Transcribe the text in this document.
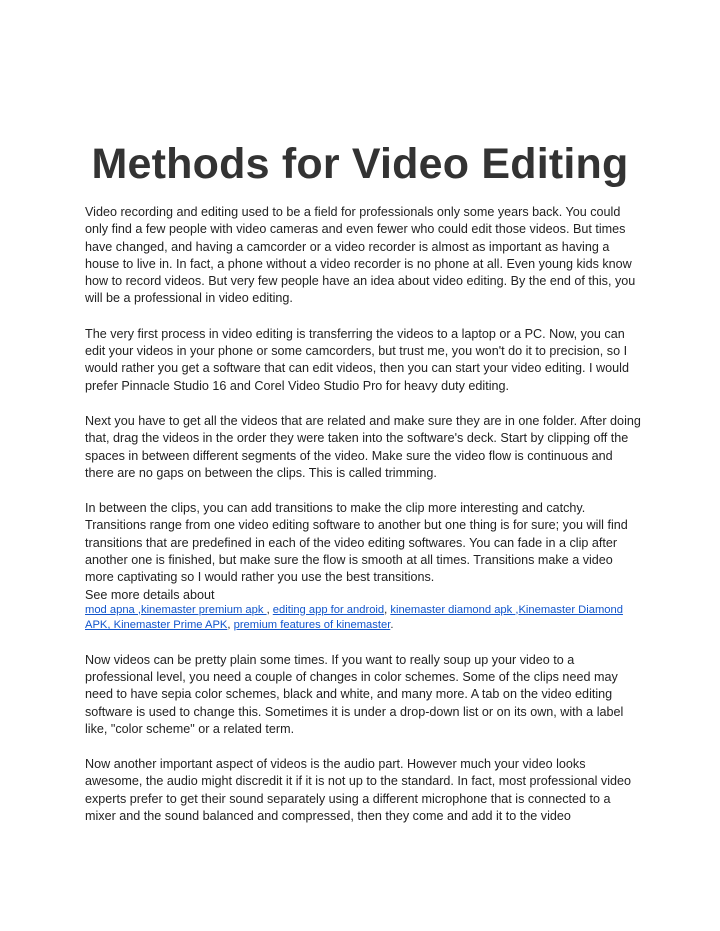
Methods for Video Editing

Video recording and editing used to be a field for professionals only some years back. You could only find a few people with video cameras and even fewer who could edit those videos. But times have changed, and having a camcorder or a video recorder is almost as important as having a house to live in. In fact, a phone without a video recorder is no phone at all. Even young kids know how to record videos. But very few people have an idea about video editing. By the end of this, you will be a professional in video editing.

The very first process in video editing is transferring the videos to a laptop or a PC. Now, you can edit your videos in your phone or some camcorders, but trust me, you won't do it to precision, so I would rather you get a software that can edit videos, then you can start your video editing. I would prefer Pinnacle Studio 16 and Corel Video Studio Pro for heavy duty editing.

Next you have to get all the videos that are related and make sure they are in one folder. After doing that, drag the videos in the order they were taken into the software's deck. Start by clipping off the spaces in between different segments of the video. Make sure the video flow is continuous and there are no gaps on between the clips. This is called trimming.

In between the clips, you can add transitions to make the clip more interesting and catchy. Transitions range from one video editing software to another but one thing is for sure; you will find transitions that are predefined in each of the video editing softwares. You can fade in a clip after another one is finished, but make sure the flow is smooth at all times. Transitions make a video more captivating so I would rather you use the best transitions.
See more details about
mod apna ,kinemaster premium apk , editing app for android, kinemaster diamond apk ,Kinemaster Diamond APK, Kinemaster Prime APK, premium features of kinemaster.

Now videos can be pretty plain some times. If you want to really soup up your video to a professional level, you need a couple of changes in color schemes. Some of the clips need may need to have sepia color schemes, black and white, and many more. A tab on the video editing software is used to change this. Sometimes it is under a drop-down list or on its own, with a label like, "color scheme" or a related term.

Now another important aspect of videos is the audio part. However much your video looks awesome, the audio might discredit it if it is not up to the standard. In fact, most professional video experts prefer to get their sound separately using a different microphone that is connected to a mixer and the sound balanced and compressed, then they come and add it to the video
